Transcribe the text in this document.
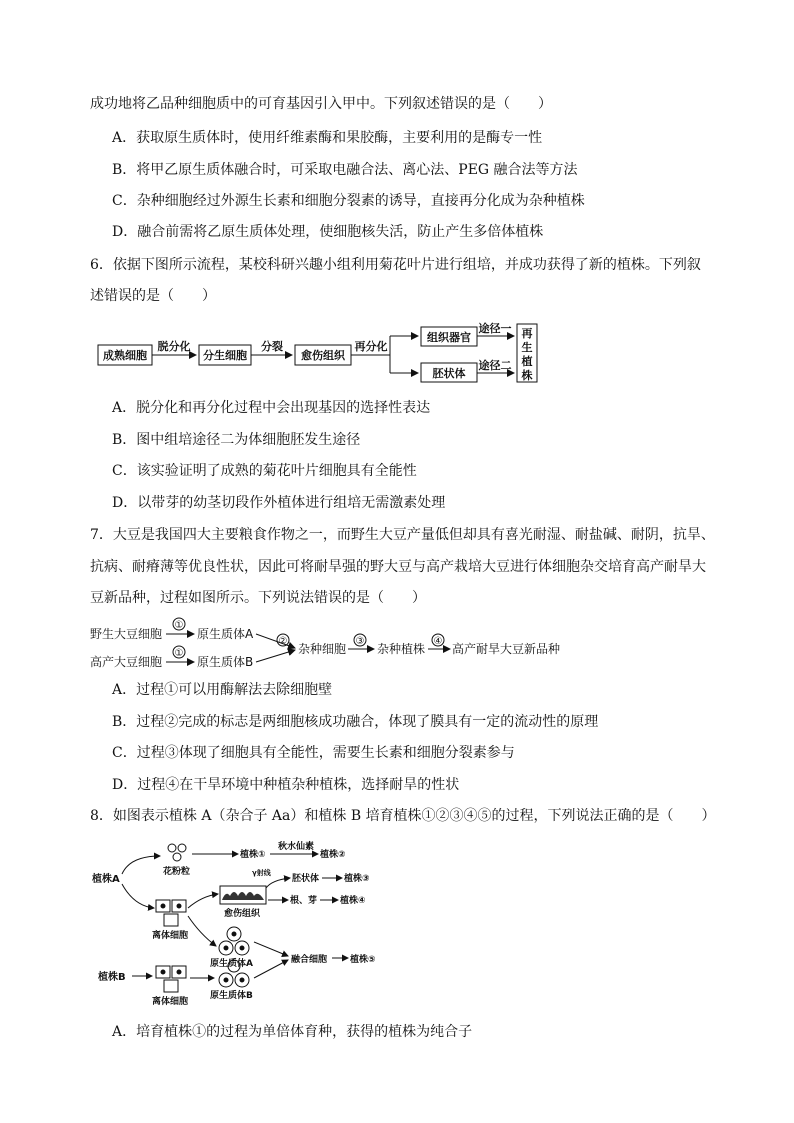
成功地将乙品种细胞质中的可育基因引入甲中。下列叙述错误的是（　　）
A．获取原生质体时，使用纤维素酶和果胶酶，主要利用的是酶专一性
B．将甲乙原生质体融合时，可采取电融合法、离心法、PEG 融合法等方法
C．杂种细胞经过外源生长素和细胞分裂素的诱导，直接再分化成为杂种植株
D．融合前需将乙原生质体处理，使细胞核失活，防止产生多倍体植株
6．依据下图所示流程，某校科研兴趣小组利用菊花叶片进行组培，并成功获得了新的植株。下列叙
述错误的是（　　）
成熟细胞
脱分化
分生细胞
分裂
愈伤组织
再分化
组织器官
胚状体
途径一
途径二
再
生
植
株
A．脱分化和再分化过程中会出现基因的选择性表达
B．图中组培途径二为体细胞胚发生途径
C．该实验证明了成熟的菊花叶片细胞具有全能性
D．以带芽的幼茎切段作外植体进行组培无需激素处理
7．大豆是我国四大主要粮食作物之一，而野生大豆产量低但却具有喜光耐湿、耐盐碱、耐阴，抗旱、
抗病、耐瘠薄等优良性状，因此可将耐旱强的野大豆与高产栽培大豆进行体细胞杂交培育高产耐旱大
豆新品种，过程如图所示。下列说法错误的是（　　）
野生大豆细胞
①
原生质体A
高产大豆细胞
①
原生质体B
②
杂种细胞
③
杂种植株
④
高产耐旱大豆新品种
A．过程①可以用酶解法去除细胞壁
B．过程②完成的标志是两细胞核成功融合，体现了膜具有一定的流动性的原理
C．过程③体现了细胞具有全能性，需要生长素和细胞分裂素参与
D．过程④在干旱环境中种植杂种植株，选择耐旱的性状
8．如图表示植株 A（杂合子 Aa）和植株 B 培育植株①②③④⑤的过程，下列说法正确的是（　　）
植株A
植株B
花粉粒
植株①
秋水仙素
植株②
离体细胞
愈伤组织
γ射线
胚状体	植株③
根、芽	植株④
原生质体A
离体细胞
原生质体B
融合细胞	植株⑤
A．培育植株①的过程为单倍体育种，获得的植株为纯合子
